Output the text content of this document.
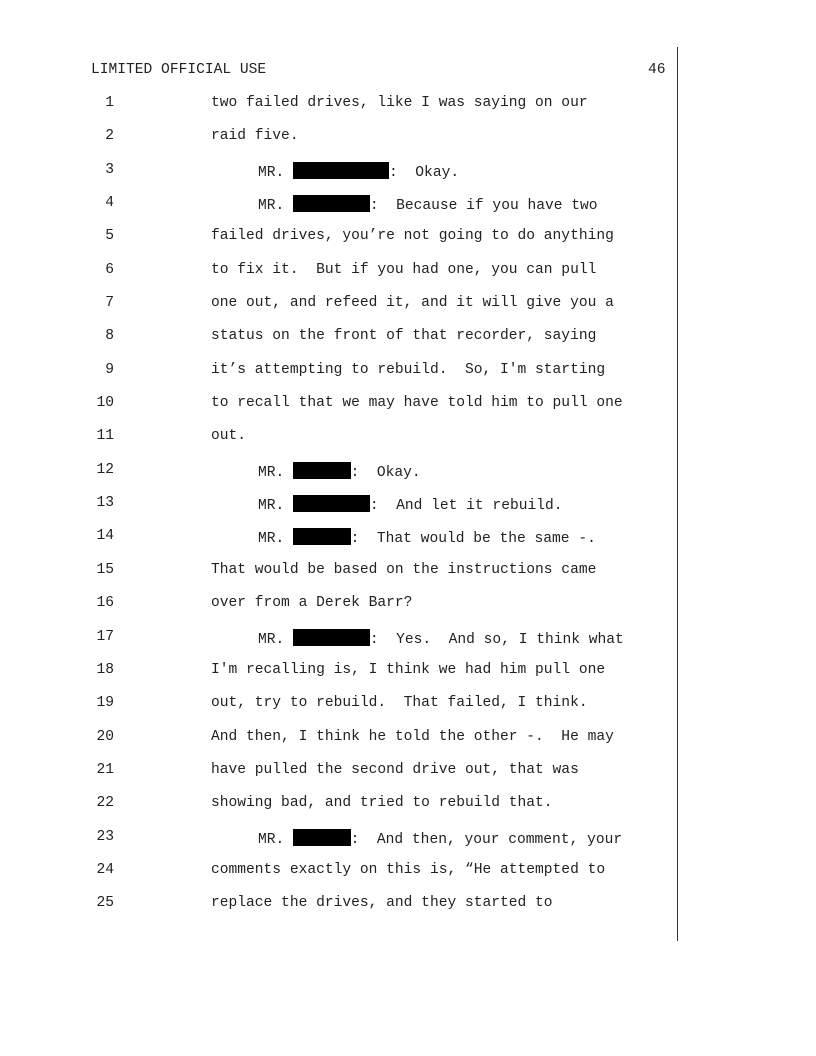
LIMITED OFFICIAL USE	46
1	two failed drives, like I was saying on our
2	raid five.
3	MR.	:  Okay.
4	MR.	:  Because if you have two
5	failed drives, you’re not going to do anything
6	to fix it.  But if you had one, you can pull
7	one out, and refeed it, and it will give you a
8	status on the front of that recorder, saying
9	it’s attempting to rebuild.  So, I'm starting
10	to recall that we may have told him to pull one
11	out.
12	MR.	:  Okay.
13	MR.	:  And let it rebuild.
14	MR.	:  That would be the same -.
15	That would be based on the instructions came
16	over from a Derek Barr?
17	MR.	:  Yes.  And so, I think what
18	I'm recalling is, I think we had him pull one
19	out, try to rebuild.  That failed, I think.
20	And then, I think he told the other -.  He may
21	have pulled the second drive out, that was
22	showing bad, and tried to rebuild that.
23	MR.	:  And then, your comment, your
24	comments exactly on this is, “He attempted to
25	replace the drives, and they started to
